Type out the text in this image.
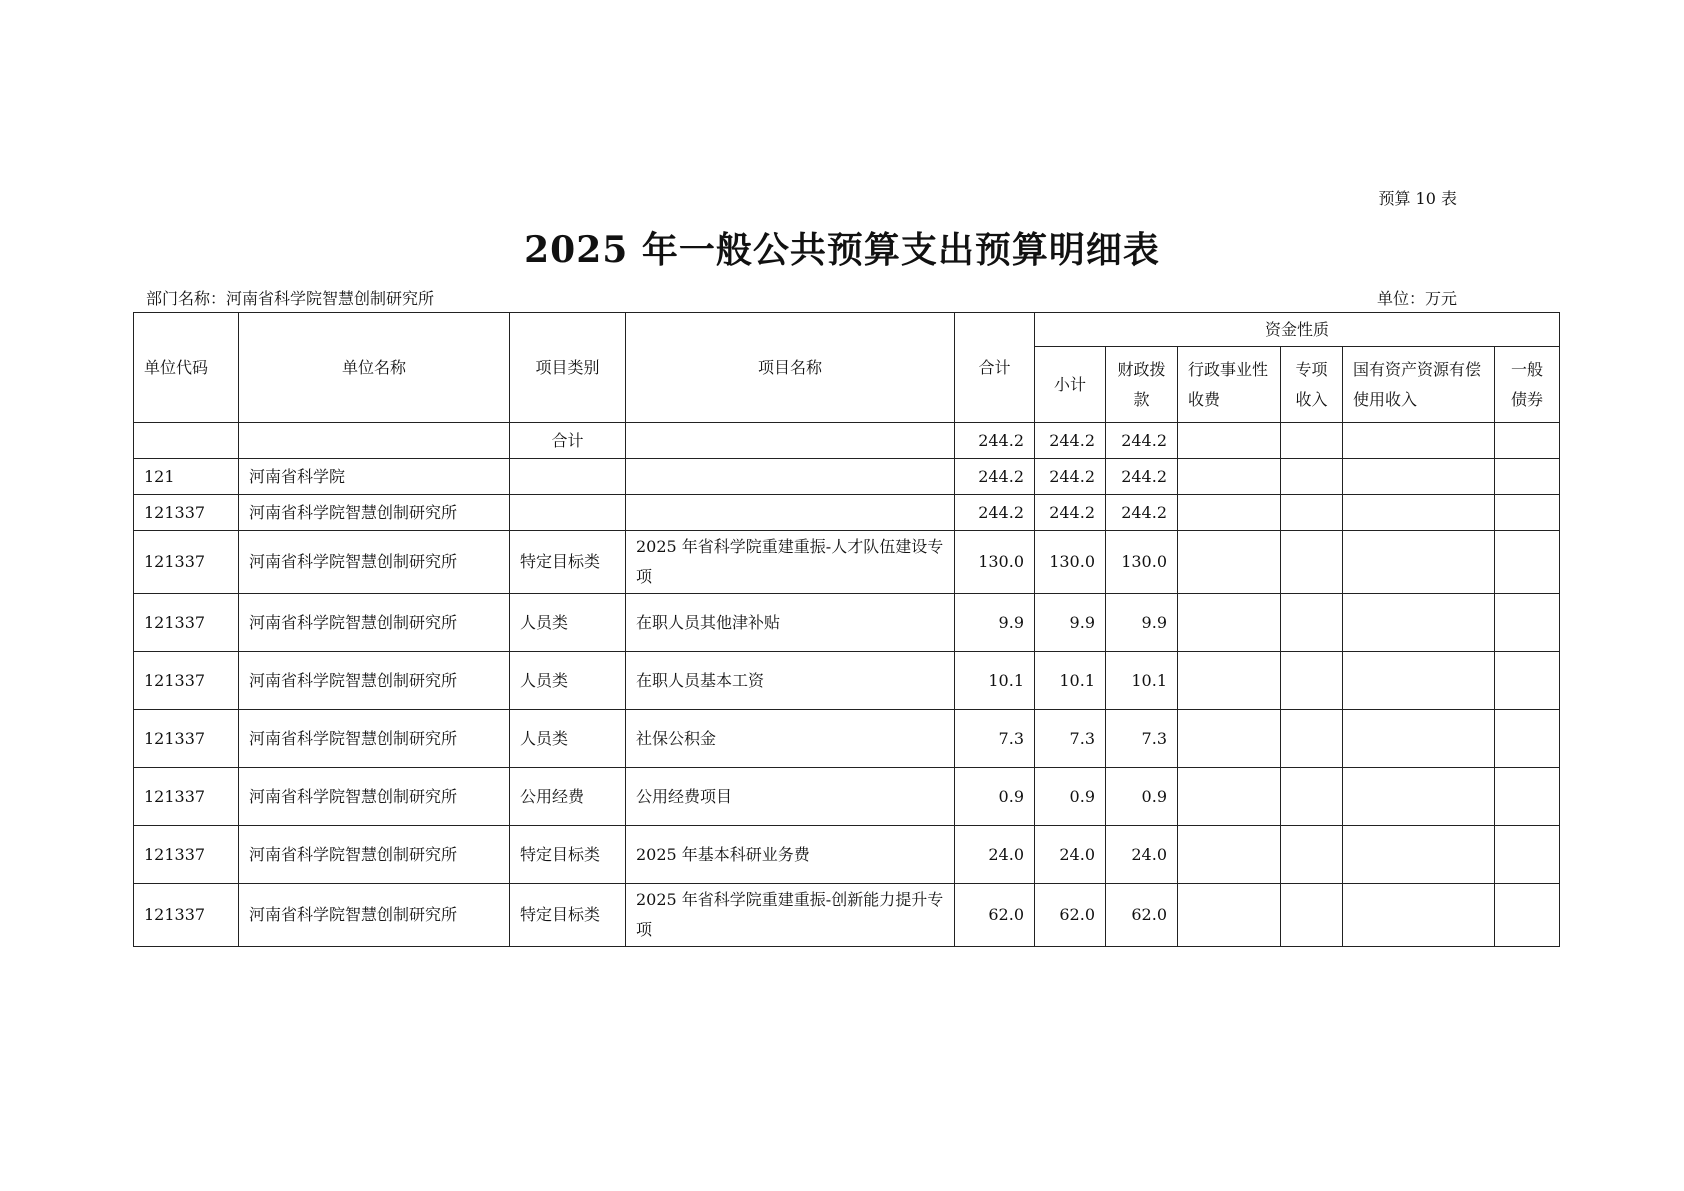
预算 10 表
2025 年一般公共预算支出预算明细表
部门名称：河南省科学院智慧创制研究所	单位：万元
单位代码	单位名称	项目类别	项目名称	合计	资金性质					
					小计	财政拨款	行政事业性收费	专项收入	国有资产资源有偿使用收入	一般债券
		合计		244.2	244.2	244.2				
121	河南省科学院			244.2	244.2	244.2				
121337	河南省科学院智慧创制研究所			244.2	244.2	244.2				
121337	河南省科学院智慧创制研究所	特定目标类	2025 年省科学院重建重振-人才队伍建设专项	130.0	130.0	130.0				
121337	河南省科学院智慧创制研究所	人员类	在职人员其他津补贴	9.9	9.9	9.9				
121337	河南省科学院智慧创制研究所	人员类	在职人员基本工资	10.1	10.1	10.1				
121337	河南省科学院智慧创制研究所	人员类	社保公积金	7.3	7.3	7.3				
121337	河南省科学院智慧创制研究所	公用经费	公用经费项目	0.9	0.9	0.9				
121337	河南省科学院智慧创制研究所	特定目标类	2025 年基本科研业务费	24.0	24.0	24.0				
121337	河南省科学院智慧创制研究所	特定目标类	2025 年省科学院重建重振-创新能力提升专项	62.0	62.0	62.0				
